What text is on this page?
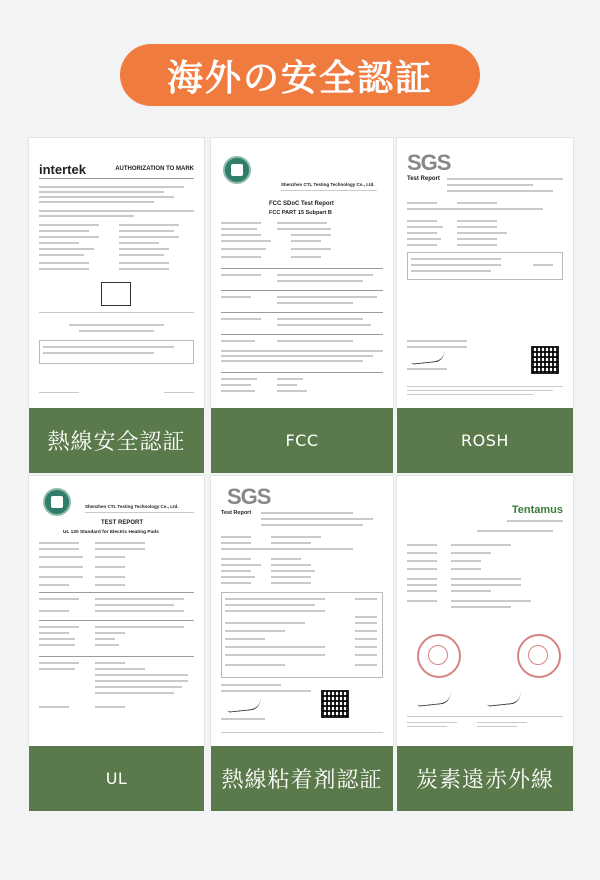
海外の安全認証
intertek	AUTHORIZATION TO MARK
熱線安全認証
Shenzhen CTL Testing Technology Co., Ltd.
FCC SDoC Test Report
FCC PART 15 Subpart B
FCC
SGS
Test Report
ROSH
Shenzhen CTL Testing Technology Co., Ltd.
TEST REPORT
UL 130 Standard for Electric Heating Pads
UL
SGS
Test Report
熱線粘着剤認証
Tentamus
炭素遠赤外線
